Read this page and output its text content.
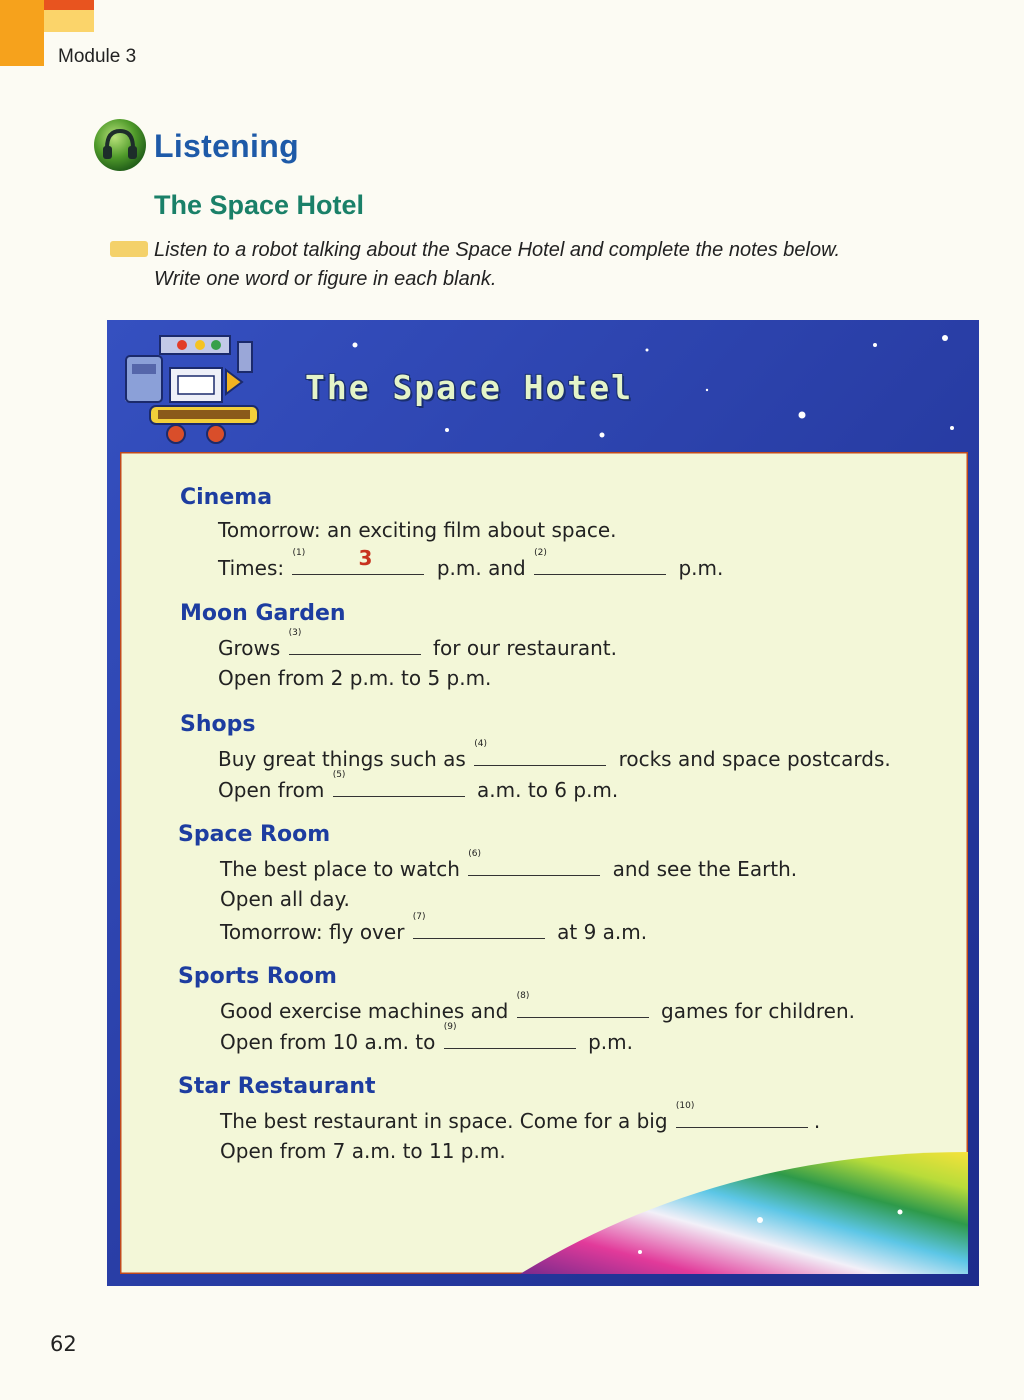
Module 3
Listening
The Space Hotel
Listen to a robot talking about the Space Hotel and complete the notes below.
Write one word or figure in each blank.
The Space Hotel
Cinema
Tomorrow: an exciting film about space.
Times:
(1)	3	p.m. and
(2)
p.m.
Moon Garden
Grows
(3)
for our restaurant.
Open from 2 p.m. to 5 p.m.
Shops
Buy great things such as
(4)
rocks and space postcards.
Open from
(5)
a.m. to 6 p.m.
Space Room
The best place to watch
(6)
and see the Earth.
Open all day.
Tomorrow: fly over
(7)
at 9 a.m.
Sports Room
Good exercise machines and
(8)
games for children.
Open from 10 a.m. to
(9)
p.m.
Star Restaurant
The best restaurant in space. Come for a big
(10)
.
Open from 7 a.m. to 11 p.m.
62
